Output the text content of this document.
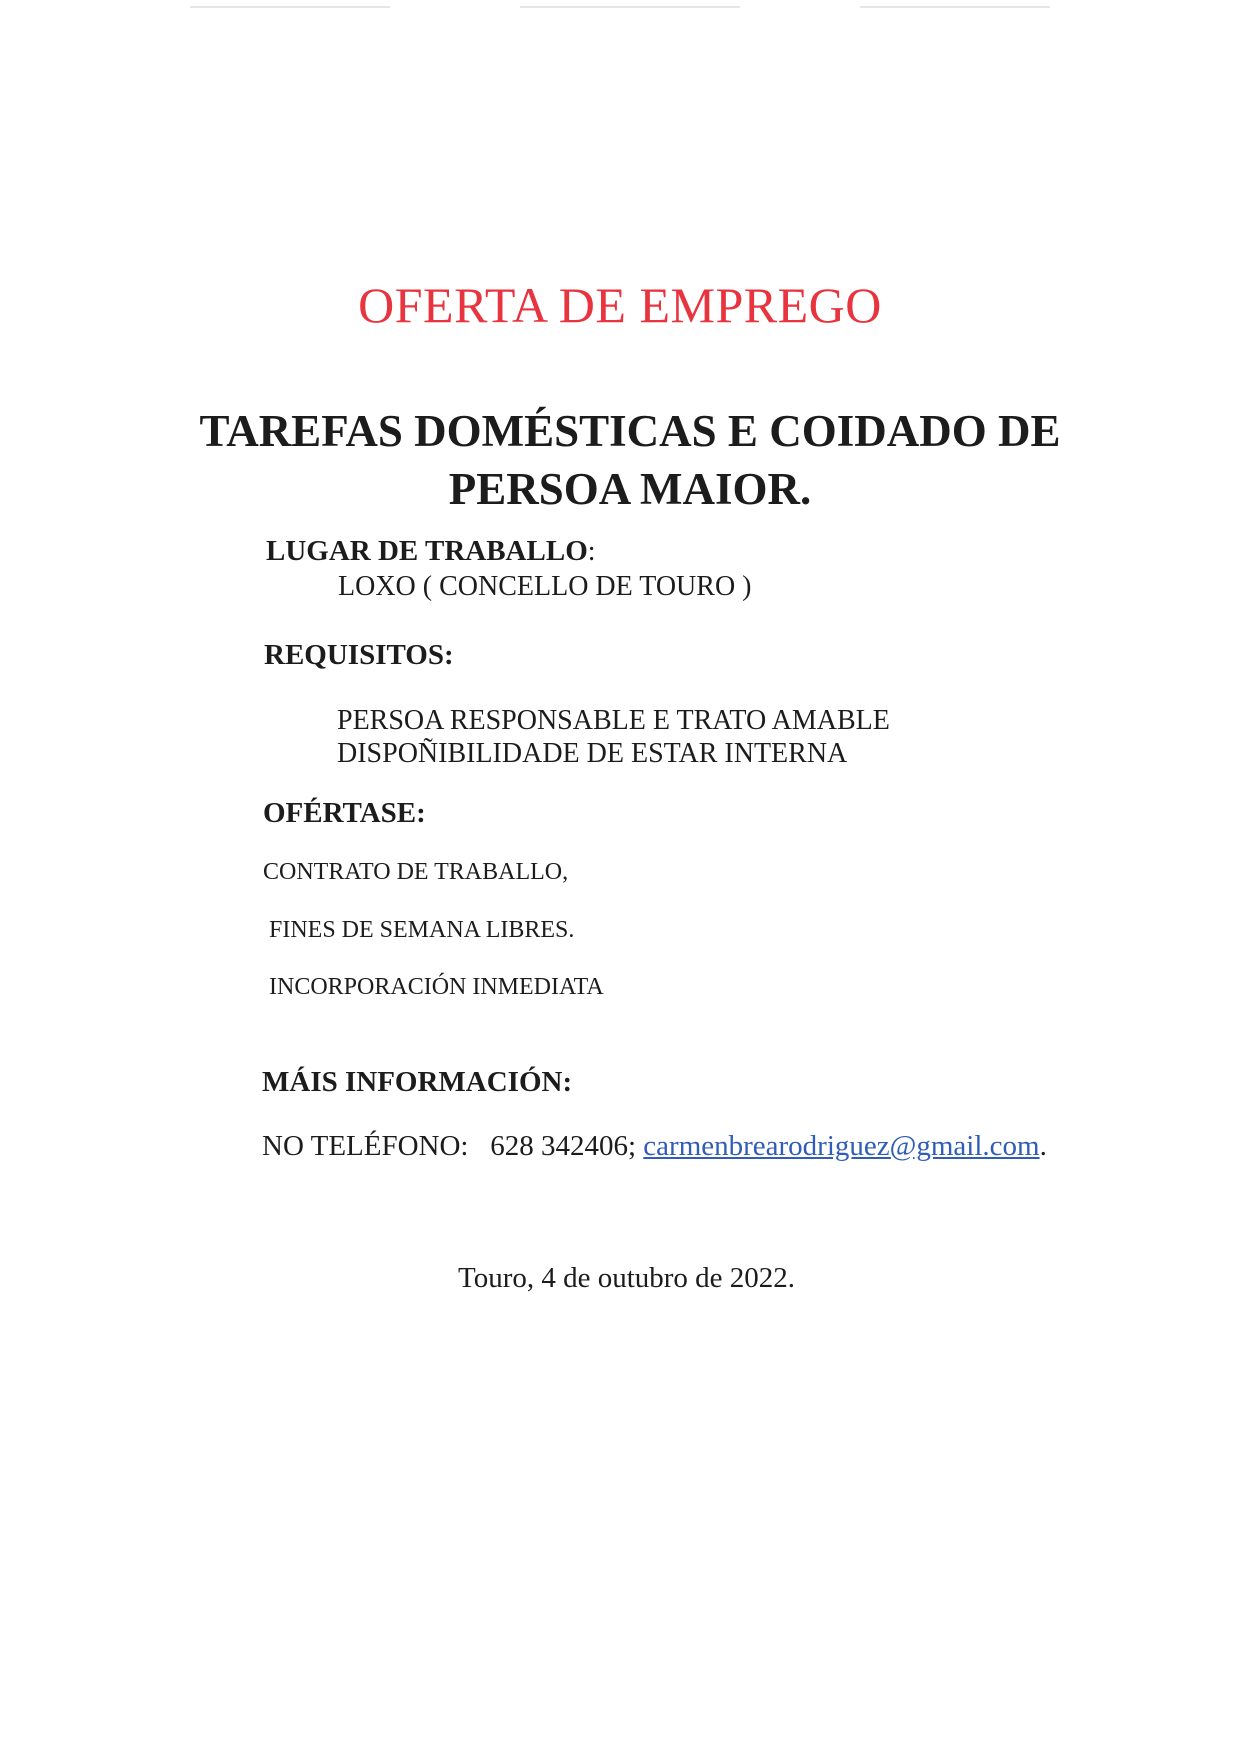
OFERTA DE EMPREGO
TAREFAS DOMÉSTICAS E COIDADO DE
PERSOA MAIOR.
LUGAR DE TRABALLO:
LOXO ( CONCELLO DE TOURO )
REQUISITOS:
PERSOA RESPONSABLE E TRATO AMABLE
DISPOÑIBILIDADE DE ESTAR INTERNA
OFÉRTASE:
CONTRATO DE TRABALLO,
FINES DE SEMANA LIBRES.
INCORPORACIÓN INMEDIATA
MÁIS INFORMACIÓN:
NO TELÉFONO: 628 342406; carmenbrearodriguez@gmail.com.
Touro, 4 de outubro de 2022.
